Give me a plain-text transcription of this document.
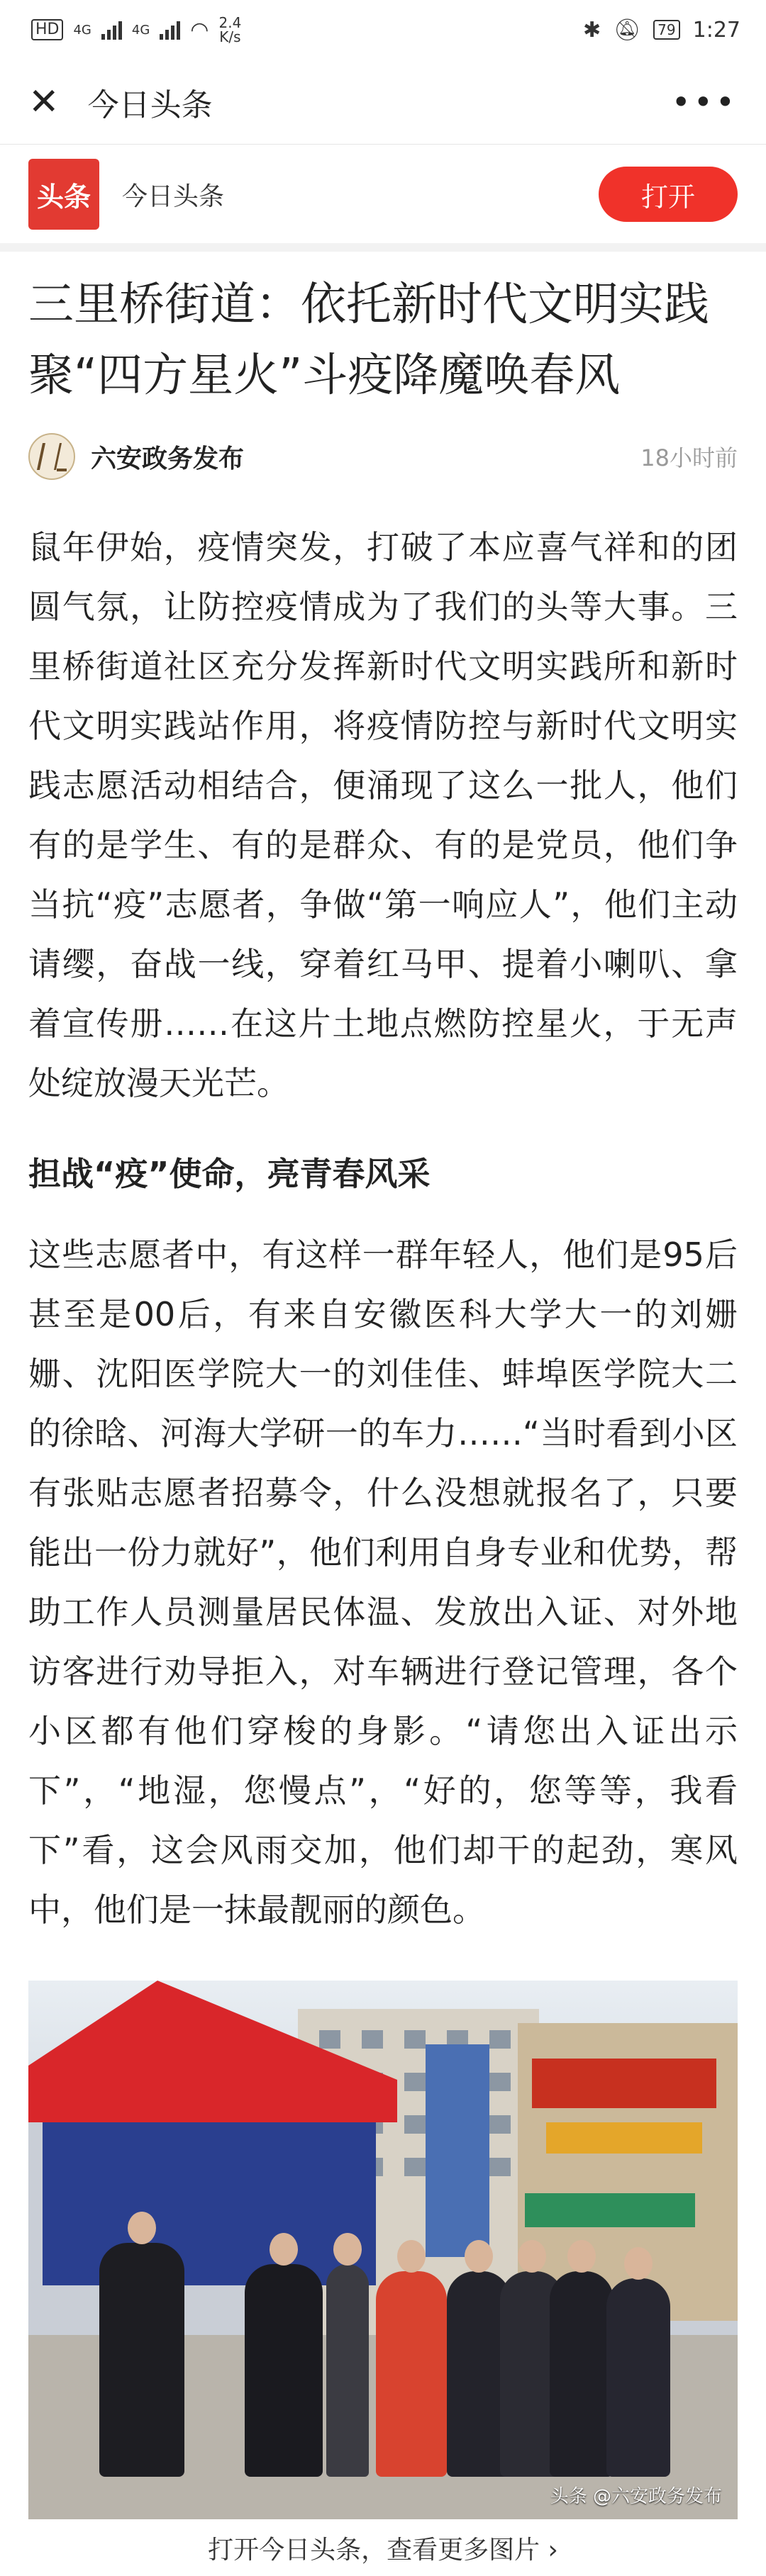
HD	4G	4G ◠ 2.4
K/s	✱ 🔕︎	79 1:27
✕ 今日头条	•••
头条	今日头条	打开
三里桥街道：依托新时代文明实践聚“四方星火”斗疫降魔唤春风
六安政务发布	18小时前

鼠年伊始，疫情突发，打破了本应喜气祥和的团圆气氛，让防控疫情成为了我们的头等大事。三里桥街道社区充分发挥新时代文明实践所和新时代文明实践站作用，将疫情防控与新时代文明实践志愿活动相结合，便涌现了这么一批人，他们有的是学生、有的是群众、有的是党员，他们争当抗“疫”志愿者，争做“第一响应人”，他们主动请缨，奋战一线，穿着红马甲、提着小喇叭、拿着宣传册……在这片土地点燃防控星火，于无声处绽放漫天光芒。

担战“疫”使命，亮青春风采

这些志愿者中，有这样一群年轻人，他们是95后甚至是00后，有来自安徽医科大学大一的刘姗姗、沈阳医学院大一的刘佳佳、蚌埠医学院大二的徐晗、河海大学研一的车力……“当时看到小区有张贴志愿者招募令，什么没想就报名了，只要能出一份力就好”，他们利用自身专业和优势，帮助工作人员测量居民体温、发放出入证、对外地访客进行劝导拒入，对车辆进行登记管理，各个小区都有他们穿梭的身影。“请您出入证出示下”，“地湿，您慢点”，“好的，您等等，我看下”看，这会风雨交加，他们却干的起劲，寒风中，他们是一抹最靓丽的颜色。

头条 @六安政务发布
打开今日头条，查看更多图片 ›
